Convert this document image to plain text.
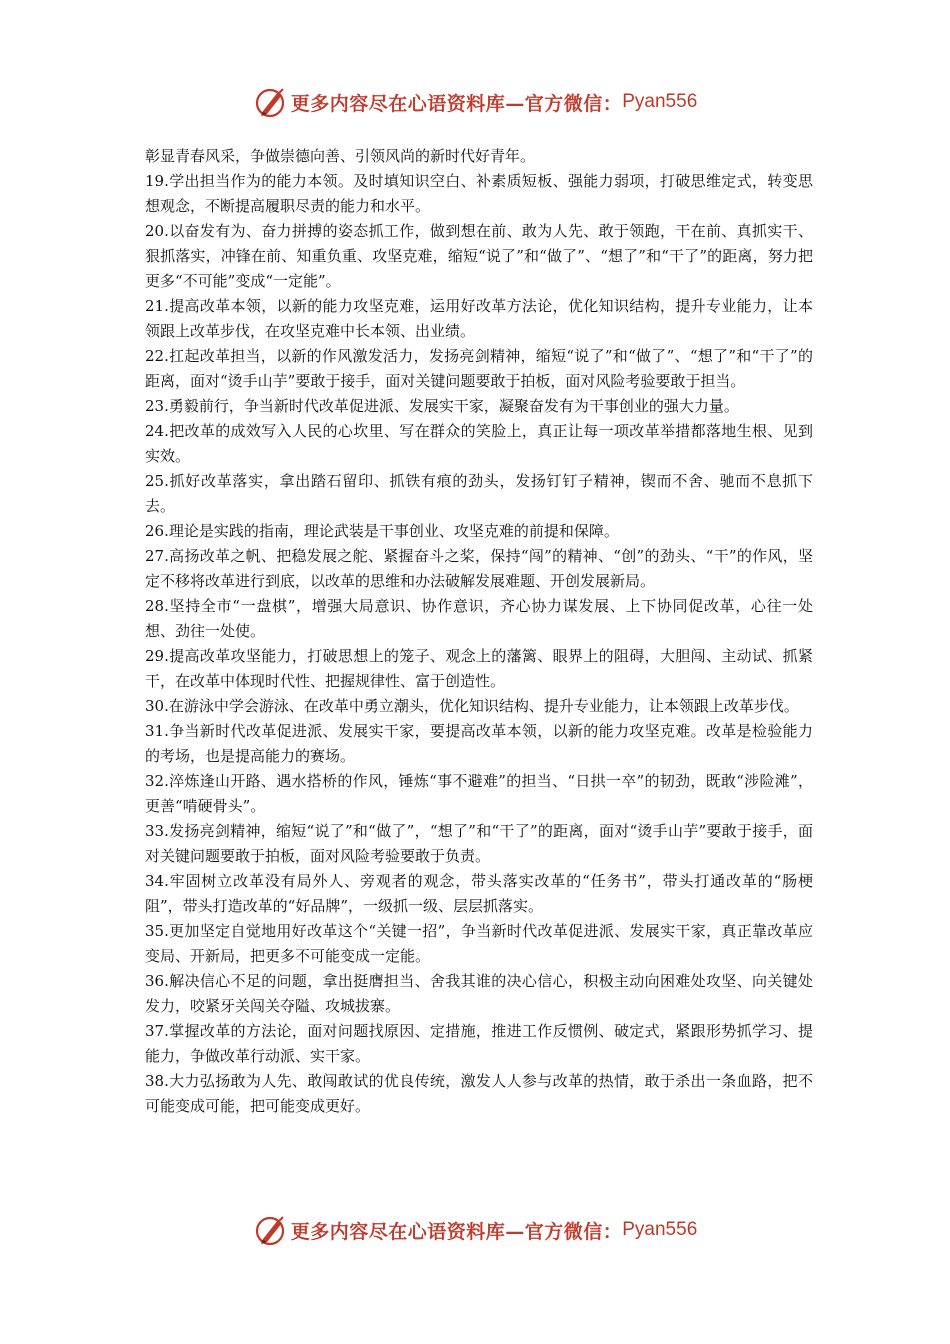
更多内容尽在心语资料库—官方微信： Pyan556

彰显青春风采，争做崇德向善、引领风尚的新时代好青年。

19.学出担当作为的能力本领。及时填知识空白、补素质短板、强能力弱项，打破思维定式，转变思想观念，不断提高履职尽责的能力和水平。

20.以奋发有为、奋力拼搏的姿态抓工作，做到想在前、敢为人先、敢于领跑，干在前、真抓实干、狠抓落实，冲锋在前、知重负重、攻坚克难，缩短“说了”和“做了”、“想了”和“干了”的距离，努力把更多“不可能”变成“一定能”。

21.提高改革本领，以新的能力攻坚克难，运用好改革方法论，优化知识结构，提升专业能力，让本领跟上改革步伐，在攻坚克难中长本领、出业绩。

22.扛起改革担当，以新的作风激发活力，发扬亮剑精神，缩短“说了”和“做了”、“想了”和“干了”的距离，面对“烫手山芋”要敢于接手，面对关键问题要敢于拍板，面对风险考验要敢于担当。

23.勇毅前行，争当新时代改革促进派、发展实干家，凝聚奋发有为干事创业的强大力量。

24.把改革的成效写入人民的心坎里、写在群众的笑脸上，真正让每一项改革举措都落地生根、见到实效。

25.抓好改革落实，拿出踏石留印、抓铁有痕的劲头，发扬钉钉子精神，锲而不舍、驰而不息抓下去。

26.理论是实践的指南，理论武装是干事创业、攻坚克难的前提和保障。

27.高扬改革之帆、把稳发展之舵、紧握奋斗之桨，保持“闯”的精神、“创”的劲头、“干”的作风，坚定不移将改革进行到底，以改革的思维和办法破解发展难题、开创发展新局。

28.坚持全市“一盘棋”，增强大局意识、协作意识，齐心协力谋发展、上下协同促改革，心往一处想、劲往一处使。

29.提高改革攻坚能力，打破思想上的笼子、观念上的藩篱、眼界上的阻碍，大胆闯、主动试、抓紧干，在改革中体现时代性、把握规律性、富于创造性。

30.在游泳中学会游泳、在改革中勇立潮头，优化知识结构、提升专业能力，让本领跟上改革步伐。

31.争当新时代改革促进派、发展实干家，要提高改革本领，以新的能力攻坚克难。改革是检验能力的考场，也是提高能力的赛场。

32.淬炼逢山开路、遇水搭桥的作风，锤炼“事不避难”的担当、“日拱一卒”的韧劲，既敢“涉险滩”，更善“啃硬骨头”。

33.发扬亮剑精神，缩短“说了”和“做了”，“想了”和“干了”的距离，面对“烫手山芋”要敢于接手，面对关键问题要敢于拍板，面对风险考验要敢于负责。

34.牢固树立改革没有局外人、旁观者的观念，带头落实改革的“任务书”，带头打通改革的“肠梗阻”，带头打造改革的“好品牌”，一级抓一级、层层抓落实。

35.更加坚定自觉地用好改革这个“关键一招”，争当新时代改革促进派、发展实干家，真正靠改革应变局、开新局，把更多不可能变成一定能。

36.解决信心不足的问题，拿出挺膺担当、舍我其谁的决心信心，积极主动向困难处攻坚、向关键处发力，咬紧牙关闯关夺隘、攻城拔寨。

37.掌握改革的方法论，面对问题找原因、定措施，推进工作反惯例、破定式，紧跟形势抓学习、提能力，争做改革行动派、实干家。

38.大力弘扬敢为人先、敢闯敢试的优良传统，激发人人参与改革的热情，敢于杀出一条血路，把不可能变成可能，把可能变成更好。

更多内容尽在心语资料库—官方微信： Pyan556
